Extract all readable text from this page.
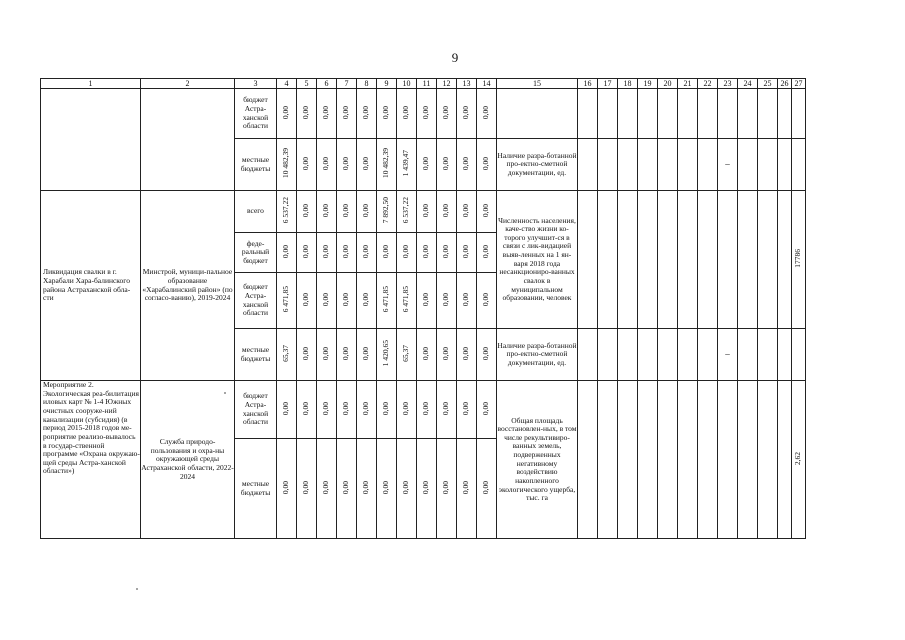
9
1	2	3	4	5	6	7	8	9	10	11	12	13	14	15	16	17	18	19	20	21	22	23	24	25	26	27
		бюджет Астра-ханской области	0,00	0,00	0,00	0,00	0,00	0,00	0,00	0,00	0,00	0,00	0,00													
		местные бюджеты	10 482,39	0,00	0,00	0,00	0,00	10 482,39	1 439,47	0,00	0,00	0,00	0,00	Наличие разра-ботанной про-ектно-сметной документации, ед.								–				
Ликвидация свалки в г. Харабали Хара-балинского района Астраханской обла-сти	Минстрой, муници-пальное образование «Харабалинский район» (по согласо-ванию), 2019-2024	всего	6 537,22	0,00	0,00	0,00	0,00	7 892,50	6 537,22	0,00	0,00	0,00	0,00	Численность населения, каче-ство жизни ко-торого улучшит-ся в связи с лик-видацией выяв-ленных на 1 ян-варя 2018 года несанкциониро-ванных свалок в муниципальном образовании, человек												17786
		феде-ральный бюджет	0,00	0,00	0,00	0,00	0,00	0,00	0,00	0,00	0,00	0,00	0,00													
		бюджет Астра-ханской области	6 471,85	0,00	0,00	0,00	0,00	6 471,85	6 471,85	0,00	0,00	0,00	0,00													
		местные бюджеты	65,37	0,00	0,00	0,00	0,00	1 420,65	65,37	0,00	0,00	0,00	0,00	Наличие разра-ботанной про-ектно-сметной документации, ед.								–				
Мероприятие 2. Экологическая реа-билитация иловых карт № 1-4 Южных очистных сооруже-ний канализации (субсидия) (в период 2015-2018 годов ме-роприятие реализо-вывалось в государ-ственной программе «Охрана окружаю-щей среды Астра-ханской области»)	Служба природо-пользования и охра-ны окружающей среды Астраханской области, 2022-2024	бюджет Астра-ханской области	0,00	0,00	0,00	0,00	0,00	0,00	0,00	0,00	0,00	0,00	0,00	Общая площадь восстановлен-ных, в том числе рекультивиро-ванных земель, подверженных негативному воздействию накопленного экологического ущерба, тыс. га												2,62
		местные бюджеты	0,00	0,00	0,00	0,00	0,00	0,00	0,00	0,00	0,00	0,00	0,00													
